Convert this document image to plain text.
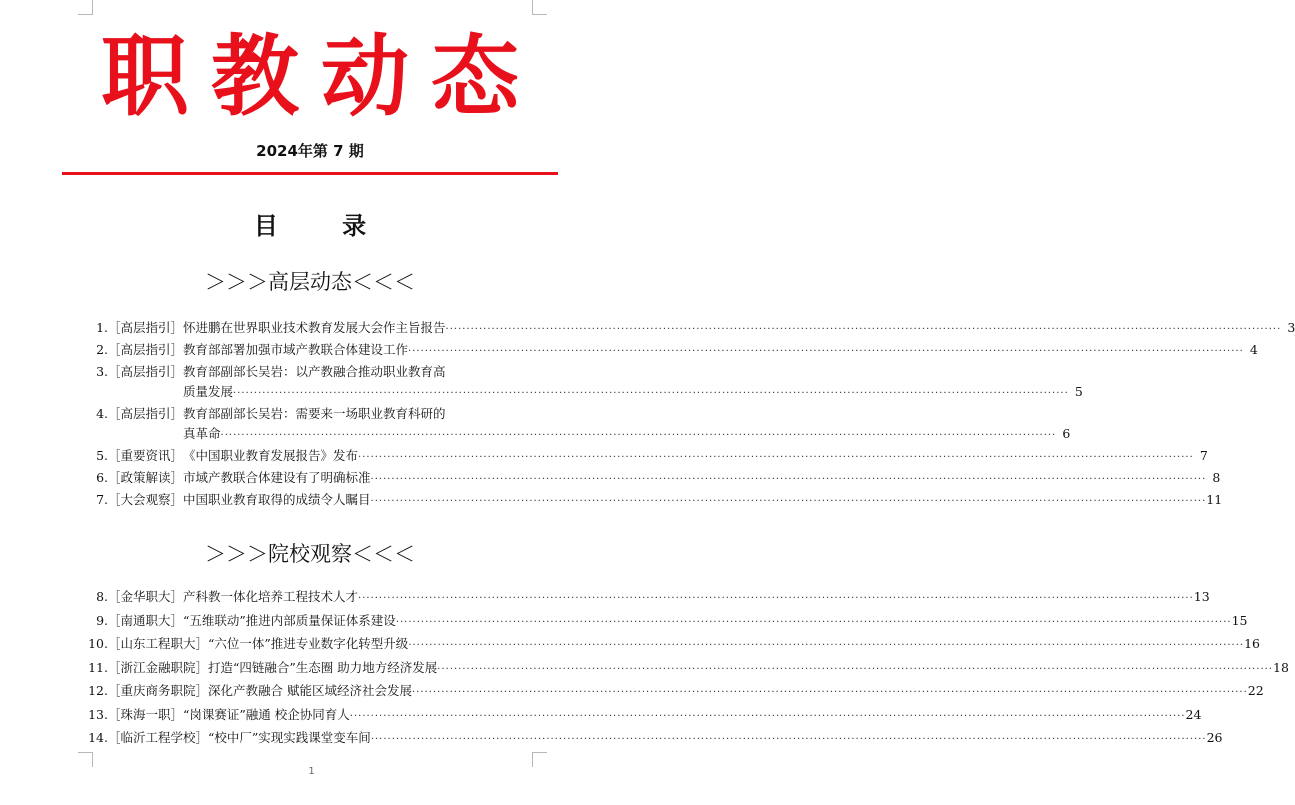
职教动态
2024年第 7 期
目 录
＞＞＞高层动态＜＜＜
1. ［高层指引］ 怀进鹏在世界职业技术教育发展大会作主旨报告 ········································································································································································································ 3
2. ［高层指引］ 教育部部署加强市域产教联合体建设工作 ········································································································································································································ 4
3. ［高层指引］ 教育部副部长吴岩：以产教融合推动职业教育高
质量发展 ········································································································································································································ 5
4. ［高层指引］ 教育部副部长吴岩：需要来一场职业教育科研的
真革命 ········································································································································································································ 6
5. ［重要资讯］ 《中国职业教育发展报告》发布 ········································································································································································································ 7
6. ［政策解读］ 市域产教联合体建设有了明确标准 ········································································································································································································ 8
7. ［大会观察］ 中国职业教育取得的成绩令人瞩目 ········································································································································································································ 11
＞＞＞院校观察＜＜＜
8. ［金华职大］ 产科教一体化培养工程技术人才 ········································································································································································································ 13
9. ［南通职大］ “五维联动”推进内部质量保证体系建设 ········································································································································································································ 15
10. ［山东工程职大］ “六位一体”推进专业数字化转型升级 ········································································································································································································ 16
11. ［浙江金融职院］ 打造“四链融合”生态圈 助力地方经济发展 ········································································································································································································ 18
12. ［重庆商务职院］ 深化产教融合 赋能区域经济社会发展 ········································································································································································································ 22
13. ［珠海一职］ “岗课赛证”融通 校企协同育人 ········································································································································································································ 24
14. ［临沂工程学校］ “校中厂”实现实践课堂变车间 ········································································································································································································ 26
1
